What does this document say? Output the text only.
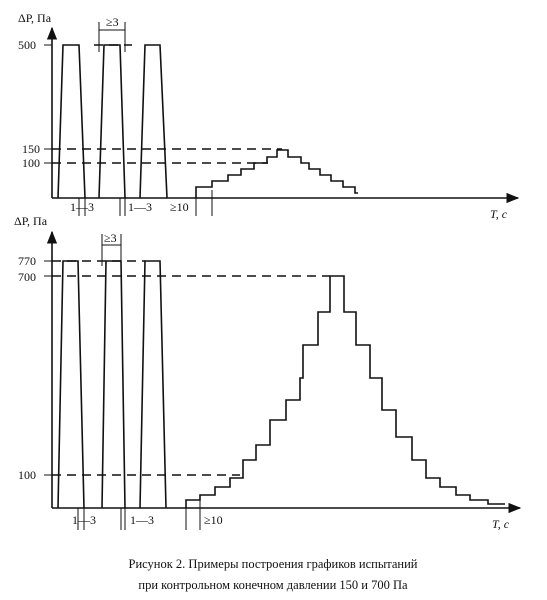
ΔP, Па
T, с
500
150
100
≥3
1—3	1—3 ≥10
ΔP, Па
T, с
770
700
100
≥3
1—3	1—3	≥10
Рисунок 2. Примеры построения графиков испытаний
при контрольном конечном давлении 150 и 700 Па
